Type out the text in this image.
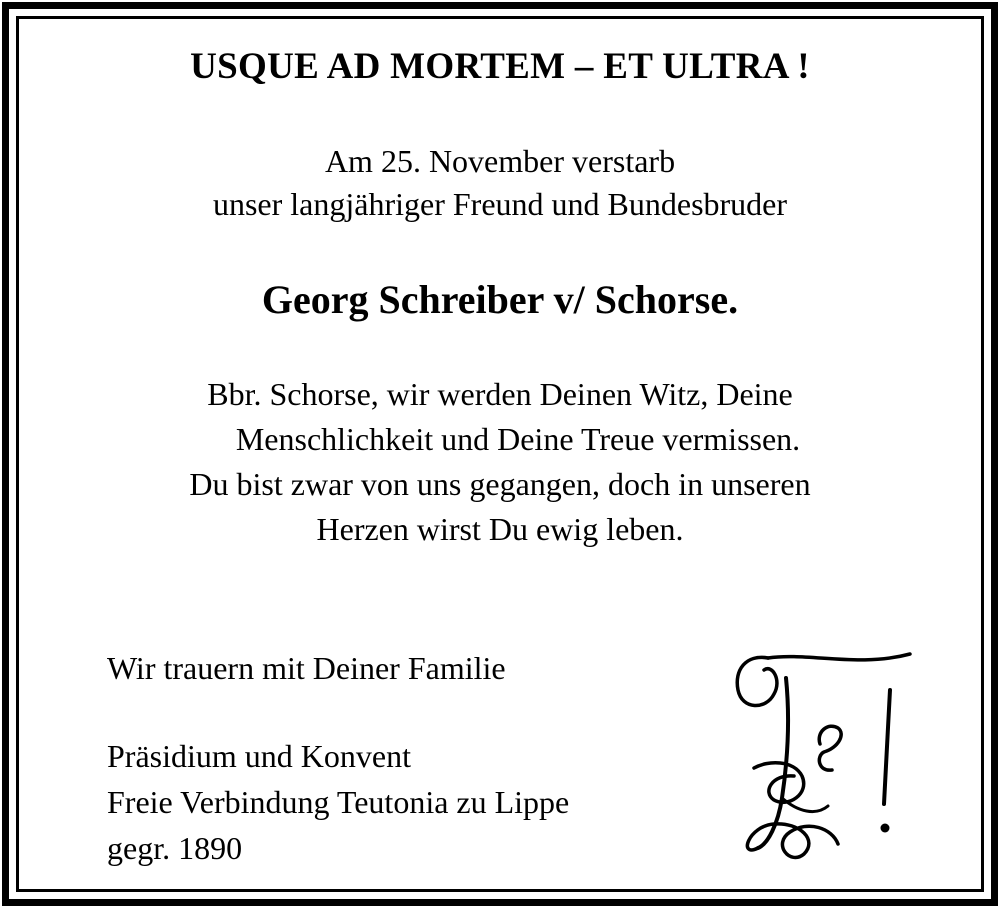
USQUE AD MORTEM – ET ULTRA !

Am 25. November verstarb

unser langjähriger Freund und Bundesbruder

Georg Schreiber v/ Schorse.

Bbr. Schorse, wir werden Deinen Witz, Deine

Menschlichkeit und Deine Treue vermissen.

Du bist zwar von uns gegangen, doch in unseren

Herzen wirst Du ewig leben.

Wir trauern mit Deiner Familie

Präsidium und Konvent

Freie Verbindung Teutonia zu Lippe

gegr. 1890
